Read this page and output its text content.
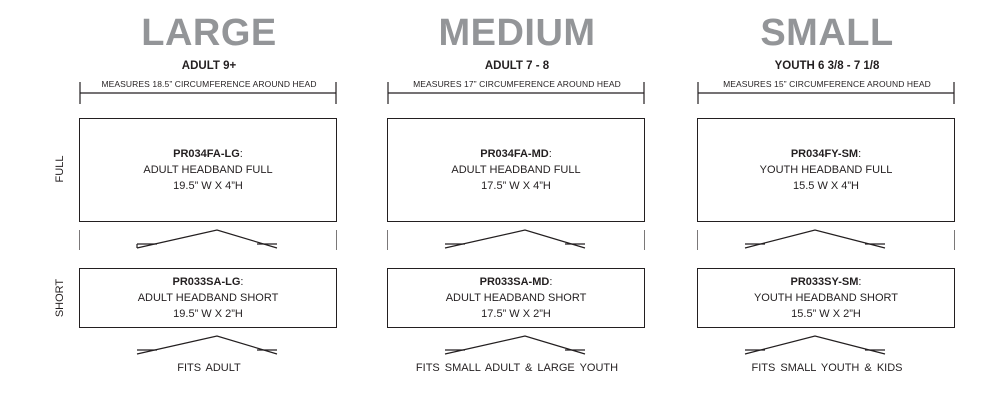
FULL
SHORT
LARGE
ADULT 9+
MEASURES 18.5” CIRCUMFERENCE AROUND HEAD
PR034FA-LG:
ADULT HEADBAND FULL
19.5” W X 4”H
PR033SA-LG:
ADULT HEADBAND SHORT
19.5” W X 2”H
FITS ADULT
MEDIUM
ADULT 7 - 8
MEASURES 17” CIRCUMFERENCE AROUND HEAD
PR034FA-MD:
ADULT HEADBAND FULL
17.5” W X 4”H
PR033SA-MD:
ADULT HEADBAND SHORT
17.5” W X 2”H
FITS SMALL ADULT & LARGE YOUTH
SMALL
YOUTH 6 3/8 - 7 1/8
MEASURES 15” CIRCUMFERENCE AROUND HEAD
PR034FY-SM:
YOUTH HEADBAND FULL
15.5 W X 4”H
PR033SY-SM:
YOUTH HEADBAND SHORT
15.5” W X 2”H
FITS SMALL YOUTH & KIDS
